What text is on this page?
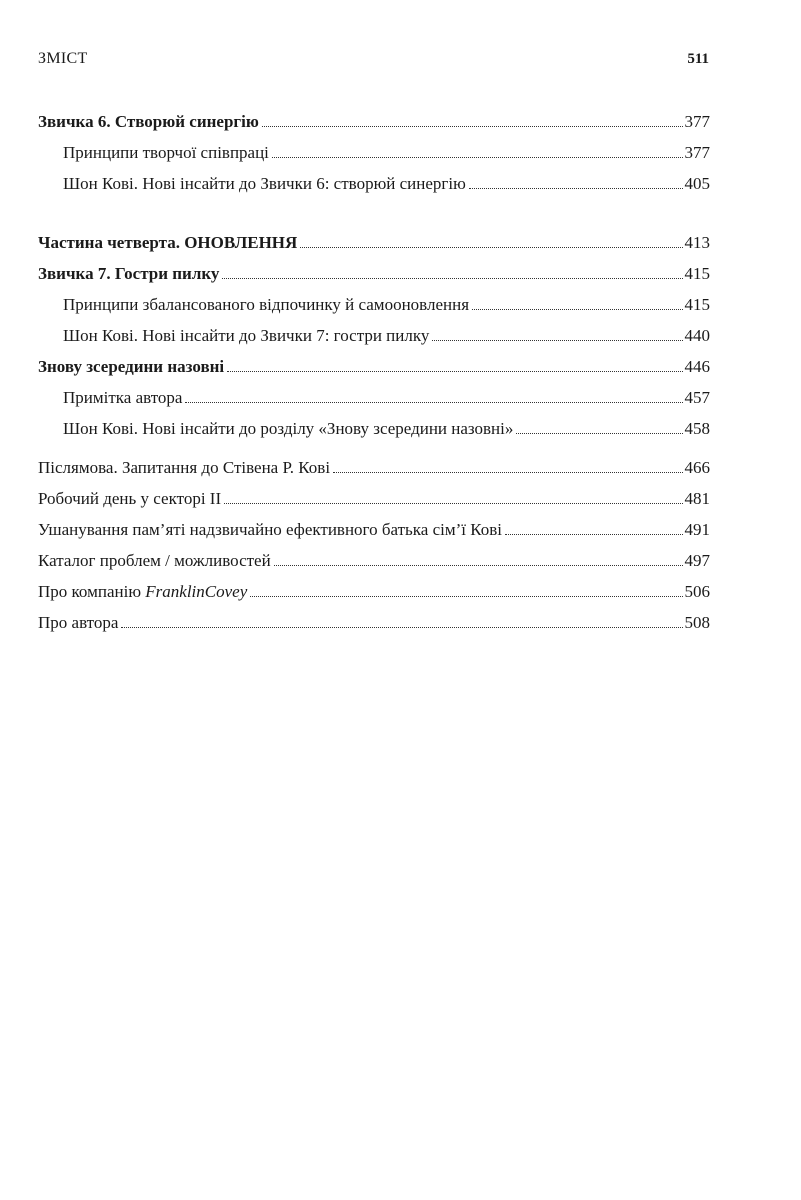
ЗМІСТ	511
Звичка 6. Створюй синергію	377
Принципи творчої співпраці	377
Шон Кові. Нові інсайти до Звички 6: створюй синергію	405
Частина четверта. ОНОВЛЕННЯ	413
Звичка 7. Гостри пилку	415
Принципи збалансованого відпочинку й самооновлення	415
Шон Кові. Нові інсайти до Звички 7: гостри пилку	440
Знову зсередини назовні	446
Примітка автора	457
Шон Кові. Нові інсайти до розділу «Знову зсередини назовні»	458
Післямова. Запитання до Стівена Р. Кові	466
Робочий день у секторі ІІ	481
Ушанування пам’яті надзвичайно ефективного батька сім’ї Кові	491
Каталог проблем / можливостей	497
Про компанію FranklinCovey	506
Про автора	508
